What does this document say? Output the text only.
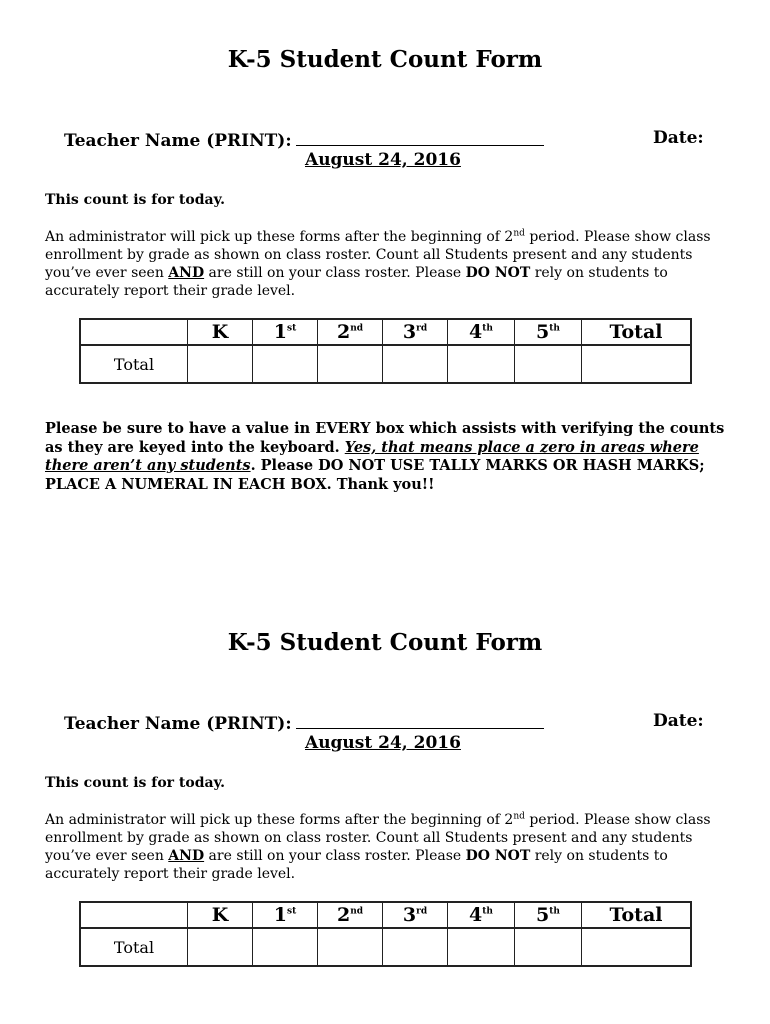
K-5 Student Count Form
Teacher Name (PRINT):	Date:
August 24, 2016
This count is for today.
An administrator will pick up these forms after the beginning of 2nd period. Please show class enrollment by grade as shown on class roster. Count all Students present and any students you’ve ever seen AND are still on your class roster. Please DO NOT rely on students to accurately report their grade level.
	K	1st	2nd	3rd	4th	5th	Total
Total							
Please be sure to have a value in EVERY box which assists with verifying the counts as they are keyed into the keyboard. Yes, that means place a zero in areas where there aren’t any students. Please DO NOT USE TALLY MARKS OR HASH MARKS; PLACE A NUMERAL IN EACH BOX. Thank you!!
K-5 Student Count Form
Teacher Name (PRINT):	Date:
August 24, 2016
This count is for today.
An administrator will pick up these forms after the beginning of 2nd period. Please show class enrollment by grade as shown on class roster. Count all Students present and any students you’ve ever seen AND are still on your class roster. Please DO NOT rely on students to accurately report their grade level.
	K	1st	2nd	3rd	4th	5th	Total
Total							
